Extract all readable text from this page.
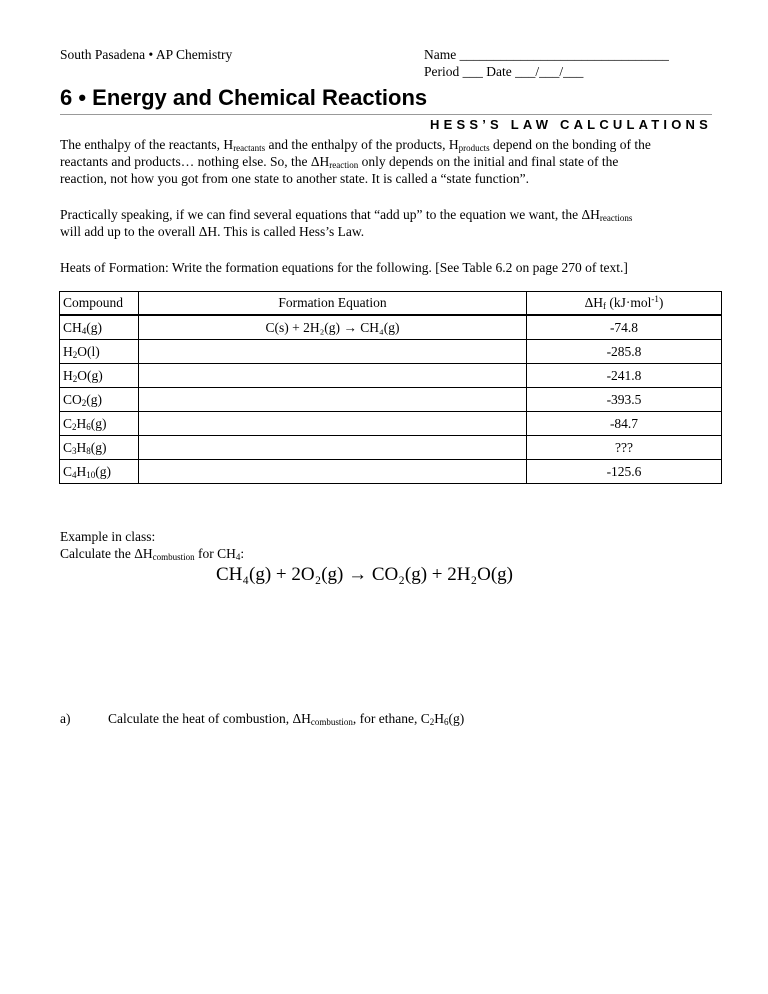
South Pasadena • AP Chemistry	Name _______________________________
Period ___ Date ___/___/___
6 • Energy and Chemical Reactions
HESS’S LAW CALCULATIONS
The enthalpy of the reactants, $H_{reactants}$ and the enthalpy of the products, $H_{products}$ depend on the bonding of the
reactants and products… nothing else. So, the $\Delta H_{reaction}$ only depends on the initial and final state of the
reaction, not how you got from one state to another state. It is called a “state function”.
Practically speaking, if we can find several equations that “add up” to the equation we want, the $\Delta H_{reactions}$
will add up to the overall ΔH. This is called Hess’s Law.
Heats of Formation: Write the formation equations for the following. [See Table 6.2 on page 270 of text.]
Compound	Formation Equation	$\Delta H_f$ (kJ·mol$^{-1}$)
$CH_4(g)$	C(s) + 2H₂(g) → CH₄(g)	-74.8
$H_2O(l)$		-285.8
$H_2O(g)$		-241.8
$CO_2(g)$		-393.5
$C_2H_6(g)$		-84.7
$C_3H_8(g)$		???
$C_4H_{10}(g)$		-125.6
Example in class:
Calculate the $\Delta H_{combustion}$ for $CH_4$:
CH₄(g) + 2O₂(g) → CO₂(g) + 2H₂O(g)
a)	Calculate the heat of combustion, $\Delta H_{combustion}$, for ethane, $C_2H_6(g)$
